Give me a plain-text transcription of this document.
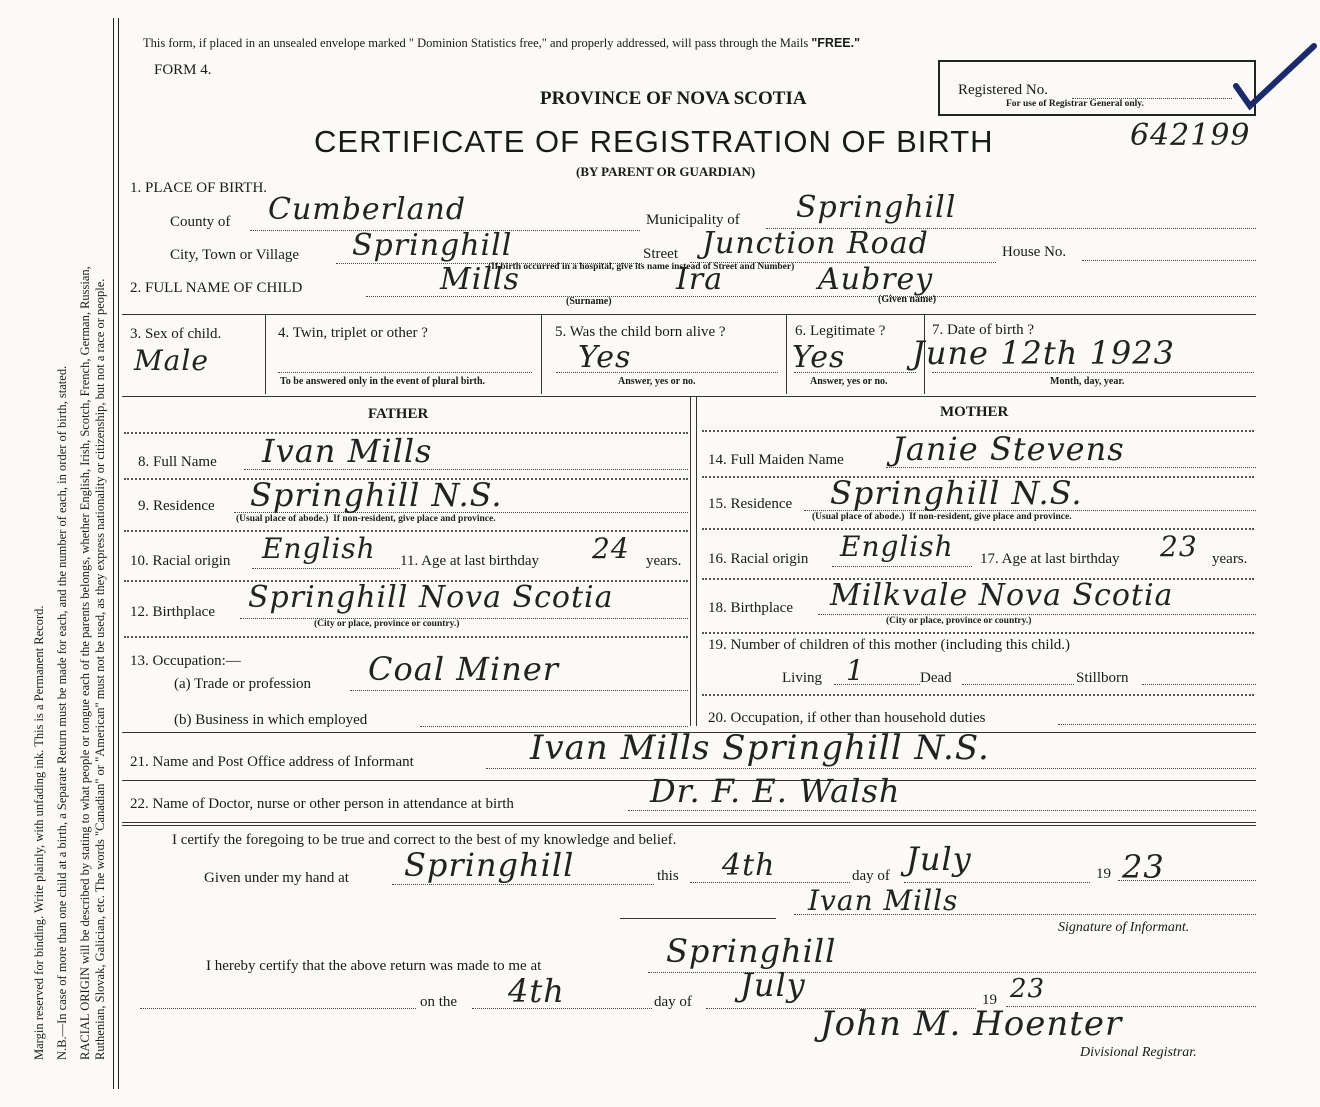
Margin reserved for binding. Write plainly, with unfading ink. This is a Permanent Record. N.B.—In case of more than one child at a birth, a Separate Return must be made for each, and the number of each, in order of birth, stated. RACIAL ORIGIN will be described by stating to what people or tongue each of the parents belongs, whether English, Irish, Scotch, French, German, Russian, Ruthenian, Slovak, Galician, etc. The words "Canadian" or "American" must not be used, as they express nationality or citizenship, but not a race or people.
This form, if placed in an unsealed envelope marked " Dominion Statistics free," and properly addressed, will pass through the Mails "FREE."
FORM 4.
PROVINCE OF NOVA SCOTIA
CERTIFICATE OF REGISTRATION OF BIRTH
(BY PARENT OR GUARDIAN)
Registered No.
For use of Registrar General only.
642199
1. PLACE OF BIRTH.
County of Cumberland	Municipality of Springhill
City, Town or Village Springhill	Street Junction Road	House No.
(If birth occurred in a hospital, give its name instead of Street and Number)
2. FULL NAME OF CHILD	Mills	Ira	Aubrey
(Surname)	(Given name)
3. Sex of child.
Male
4. Twin, triplet or other ?
To be answered only in the event of plural birth.
5. Was the child born alive ?
Yes
Answer, yes or no.
6. Legitimate ?
Yes
Answer, yes or no.
7. Date of birth ?
June 12th 1923
Month, day, year.
FATHER	MOTHER
8. Full Name Ivan Mills	14. Full Maiden Name Janie Stevens
9. Residence Springhill N.S.
(Usual place of abode.) If non-resident, give place and province.
15. Residence Springhill N.S.
(Usual place of abode.) If non-resident, give place and province.
10. Racial origin English 11. Age at last birthday 24 years. 16. Racial origin English 17. Age at last birthday 23 years.
12. Birthplace Springhill Nova Scotia
(City or place, province or country.)
18. Birthplace Milkvale Nova Scotia
(City or place, province or country.)
13. Occupation:—
(a) Trade or profession Coal Miner
(b) Business in which employed
19. Number of children of this mother (including this child.)
Living 1	Dead	Stillborn
20. Occupation, if other than household duties
21. Name and Post Office address of Informant	Ivan Mills Springhill N.S.
22. Name of Doctor, nurse or other person in attendance at birth	Dr. F. E. Walsh
I certify the foregoing to be true and correct to the best of my knowledge and belief.
Given under my hand at Springhill	this 4th	day of July	19 23
Ivan Mills
Signature of Informant.
I hereby certify that the above return was made to me at	Springhill
on the 4th	day of July	19 23
John M. Hoenter
Divisional Registrar.
